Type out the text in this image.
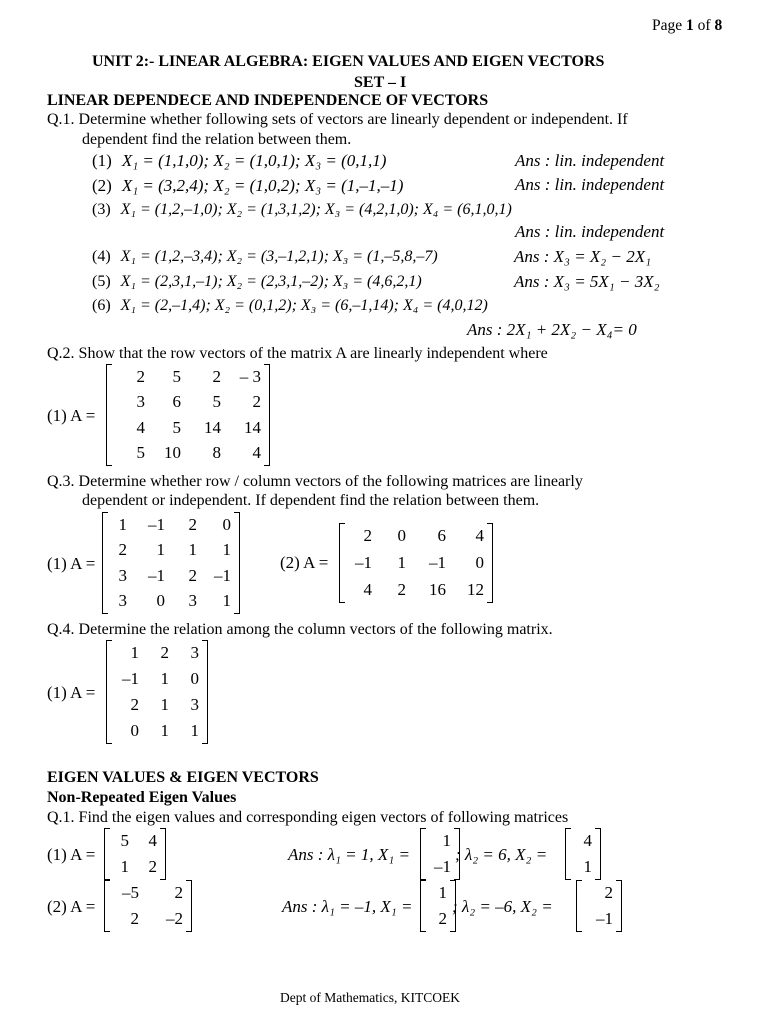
Page 1 of 8
UNIT 2:- LINEAR ALGEBRA: EIGEN VALUES AND EIGEN VECTORS
SET – I
LINEAR DEPENDECE AND INDEPENDENCE OF VECTORS
Q.1. Determine whether following sets of vectors are linearly dependent or independent. If
dependent find the relation between them.
(1) X₁ = (1,1,0); X₂ = (1,0,1); X₃ = (0,1,1)	Ans : lin. independent
(2) X₁ = (3,2,4); X₂ = (1,0,2); X₃ = (1,–1,–1)	Ans : lin. independent
(3) X₁ = (1,2,–1,0); X₂ = (1,3,1,2); X₃ = (4,2,1,0); X₄ = (6,1,0,1)
Ans : lin. independent
(4) X₁ = (1,2,–3,4); X₂ = (3,–1,2,1); X₃ = (1,–5,8,–7)	Ans : X₃ = X₂ − 2X₁
(5) X₁ = (2,3,1,–1); X₂ = (2,3,1,–2); X₃ = (4,6,2,1)	Ans : X₃ = 5X₁ − 3X₂
(6) X₁ = (2,–1,4); X₂ = (0,1,2); X₃ = (6,–1,14); X₄ = (4,0,12)
Ans : 2X₁ + 2X₂ − X₄= 0
Q.2. Show that the row vectors of the matrix A are linearly independent where
(1) A =
2 5 2 – 3
3 6 5 2
4 5 14 14
5 10 8 4
Q.3. Determine whether row / column vectors of the following matrices are linearly
dependent or independent. If dependent find the relation between them.
(1) A =
1 –1 2 0
2 1 1 1
3 –1 2 –1
3 0 3 1
(2) A =
2 0 6 4
–1 1 –1 0
4 2 16 12
Q.4. Determine the relation among the column vectors of the following matrix.
(1) A =
1 2 3
–1 1 0
2 1 3
0 1 1
EIGEN VALUES & EIGEN VECTORS
Non-Repeated Eigen Values
Q.1. Find the eigen values and corresponding eigen vectors of following matrices
(1) A =
5 4
1 2
Ans : λ₁ = 1, X₁ =
1
–1
; λ₂ = 6, X₂ =
4
1
(2) A =
–5 2
2 –2
Ans : λ₁ = –1, X₁ =
1
2
; λ₂ = –6, X₂ =
2
–1
Dept of Mathematics, KITCOEK
